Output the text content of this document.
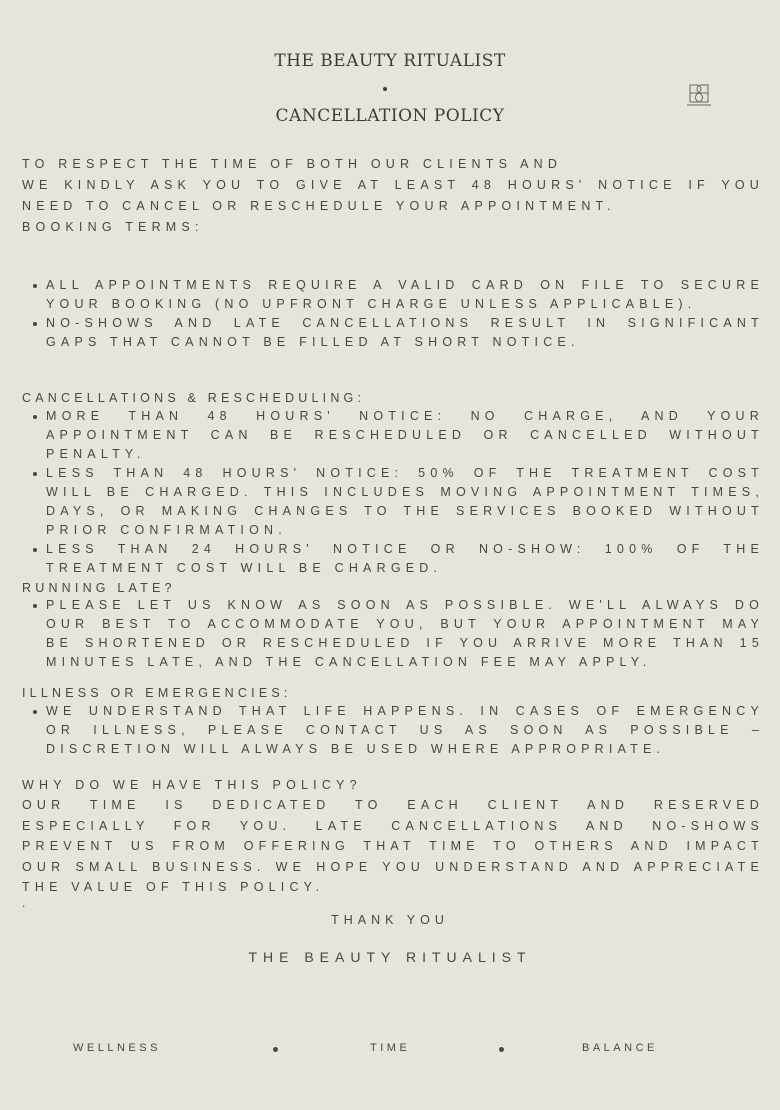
THE BEAUTY RITUALIST
CANCELLATION POLICY
TO RESPECT THE TIME OF BOTH OUR CLIENTS AND
WE KINDLY ASK YOU TO GIVE AT LEAST 48 HOURS' NOTICE IF YOU NEED TO CANCEL OR RESCHEDULE YOUR APPOINTMENT.
BOOKING TERMS:
ALL APPOINTMENTS REQUIRE A VALID CARD ON FILE TO SECURE YOUR BOOKING (NO UPFRONT CHARGE UNLESS APPLICABLE).
NO-SHOWS AND LATE CANCELLATIONS RESULT IN SIGNIFICANT GAPS THAT CANNOT BE FILLED AT SHORT NOTICE.
CANCELLATIONS & RESCHEDULING:
MORE THAN 48 HOURS' NOTICE: NO CHARGE, AND YOUR APPOINTMENT CAN BE RESCHEDULED OR CANCELLED WITHOUT PENALTY.
LESS THAN 48 HOURS' NOTICE: 50% OF THE TREATMENT COST WILL BE CHARGED. THIS INCLUDES MOVING APPOINTMENT TIMES, DAYS, OR MAKING CHANGES TO THE SERVICES BOOKED WITHOUT PRIOR CONFIRMATION.
LESS THAN 24 HOURS' NOTICE OR NO-SHOW: 100% OF THE TREATMENT COST WILL BE CHARGED.
RUNNING LATE?
PLEASE LET US KNOW AS SOON AS POSSIBLE. WE'LL ALWAYS DO OUR BEST TO ACCOMMODATE YOU, BUT YOUR APPOINTMENT MAY BE SHORTENED OR RESCHEDULED IF YOU ARRIVE MORE THAN 15 MINUTES LATE, AND THE CANCELLATION FEE MAY APPLY.
ILLNESS OR EMERGENCIES:
WE UNDERSTAND THAT LIFE HAPPENS. IN CASES OF EMERGENCY OR ILLNESS, PLEASE CONTACT US AS SOON AS POSSIBLE – DISCRETION WILL ALWAYS BE USED WHERE APPROPRIATE.
WHY DO WE HAVE THIS POLICY?
OUR TIME IS DEDICATED TO EACH CLIENT AND RESERVED ESPECIALLY FOR YOU. LATE CANCELLATIONS AND NO-SHOWS PREVENT US FROM OFFERING THAT TIME TO OTHERS AND IMPACT OUR SMALL BUSINESS. WE HOPE YOU UNDERSTAND AND APPRECIATE THE VALUE OF THIS POLICY.
.
THANK YOU
THE BEAUTY RITUALIST
WELLNESS	TIME	BALANCE
